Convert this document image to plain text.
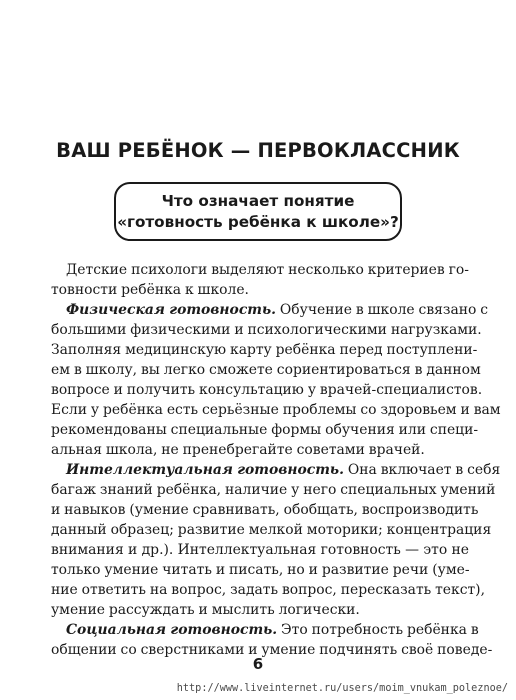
ВАШ РЕБЁНОК — ПЕРВОКЛАССНИК
Что означает понятие
«готовность ребёнка к школе»?
Детские психологи выделяют несколько критериев го-
товности ребёнка к школе.
Физическая готовность. Обучение в школе связано с
большими физическими и психологическими нагрузками.
Заполняя медицинскую карту ребёнка перед поступлени-
ем в школу, вы легко сможете сориентироваться в данном
вопросе и получить консультацию у врачей-специалистов.
Если у ребёнка есть серьёзные проблемы со здоровьем и вам
рекомендованы специальные формы обучения или специ-
альная школа, не пренебрегайте советами врачей.
Интеллектуальная готовность. Она включает в себя
багаж знаний ребёнка, наличие у него специальных умений
и навыков (умение сравнивать, обобщать, воспроизводить
данный образец; развитие мелкой моторики; концентрация
внимания и др.). Интеллектуальная готовность — это не
только умение читать и писать, но и развитие речи (уме-
ние ответить на вопрос, задать вопрос, пересказать текст),
умение рассуждать и мыслить логически.
Социальная готовность. Это потребность ребёнка в
общении со сверстниками и умение подчинять своё поведе-
6
http://www.liveinternet.ru/users/moim_vnukam_poleznoe/
